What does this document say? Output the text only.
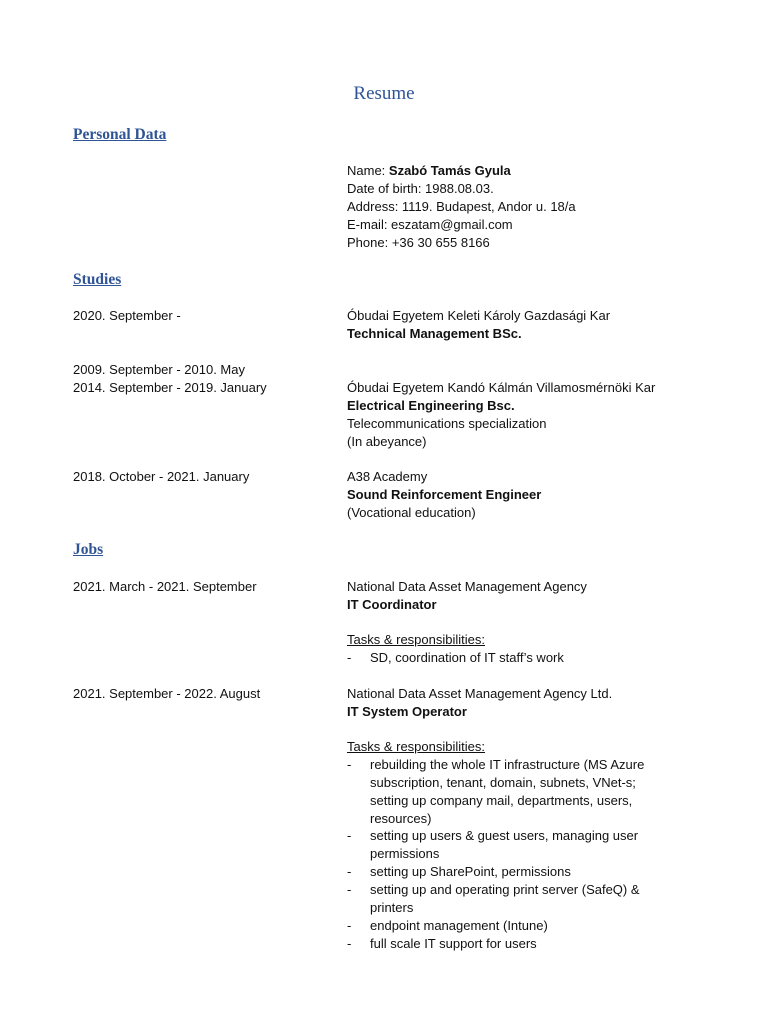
Resume
Personal Data
Name: Szabó Tamás Gyula
Date of birth: 1988.08.03.
Address: 1119. Budapest, Andor u. 18/a
E-mail: eszatam@gmail.com
Phone: +36 30 655 8166
Studies
2020. September -	Óbudai Egyetem Keleti Károly Gazdasági Kar
Technical Management BSc.
2009. September - 2010. May
2014. September - 2019. January	Óbudai Egyetem Kandó Kálmán Villamosmérnöki Kar
Electrical Engineering Bsc.
Telecommunications specialization
(In abeyance)
2018. October - 2021. January	A38 Academy
Sound Reinforcement Engineer
(Vocational education)
Jobs
2021. March - 2021. September	National Data Asset Management Agency
IT Coordinator
Tasks & responsibilities:
- SD, coordination of IT staff’s work
2021. September - 2022. August	National Data Asset Management Agency Ltd.
IT System Operator
Tasks & responsibilities:
- rebuilding the whole IT infrastructure (MS Azure
subscription, tenant, domain, subnets, VNet-s;
setting up company mail, departments, users,
resources)
- setting up users & guest users, managing user
permissions
- setting up SharePoint, permissions
- setting up and operating print server (SafeQ) &
printers
- endpoint management (Intune)
- full scale IT support for users
